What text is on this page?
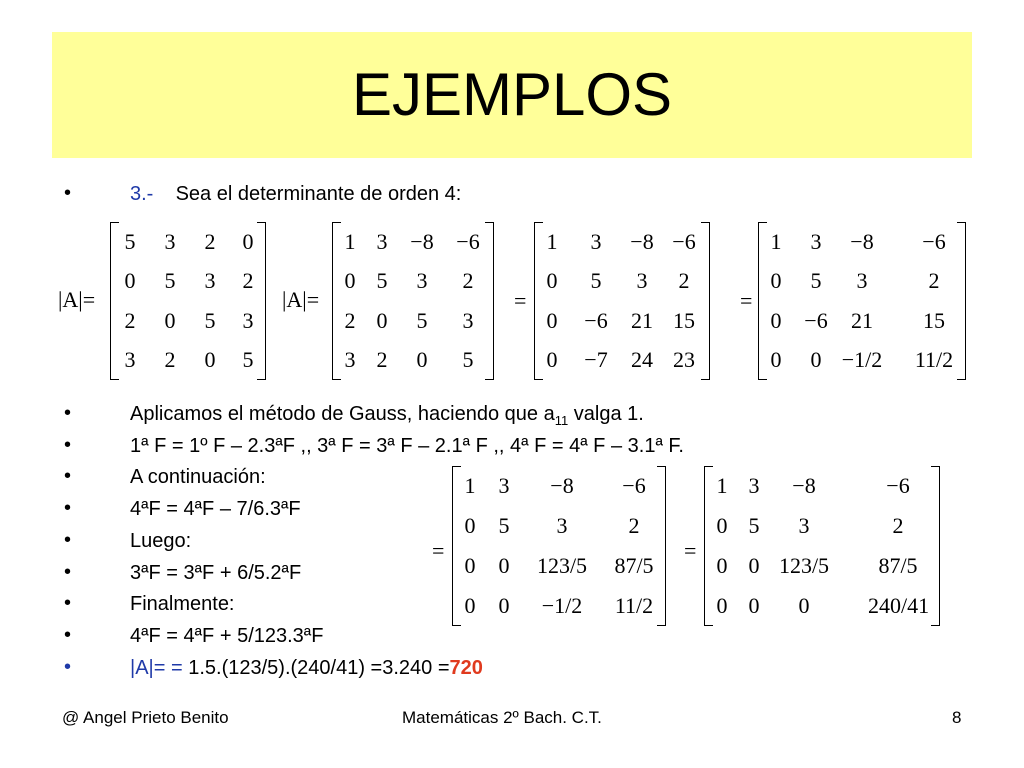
EJEMPLOS
•	3.- Sea el determinante de orden 4:
|A|=
5	3	2	0
0	5	3	2
2	0	5	3
3	2	0	5
|A|=
1 3	−8	−6
0 5	3	2
2 0	5	3
3 2	0	5
=
1	3	−8 −6
0	5	3	2
0	−6	21 15
0	−7	24 23
=
1	3	−8	−6
0	5	3	2
0	−6	21	15
0	0 −1/2	11/2
•	Aplicamos el método de Gauss, haciendo que $a_{11}$ valga 1.
•	1ª F = 1º F – 2.3ªF ,, 3ª F = 3ª F – 2.1ª F ,, 4ª F = 4ª F – 3.1ª F.
•	A continuación:
•	4ªF = 4ªF – 7/6.3ªF
•	Luego:
•	3ªF = 3ªF + 6/5.2ªF
•	Finalmente:
•	4ªF = 4ªF + 5/123.3ªF
•	|A|= = 1.5.(123/5).(240/41) =3.240 =720
=
1	3	−8	−6
0	5	3	2
0	0	123/5	87/5
0	0	−1/2	11/2
=
1 3	−8	−6
0 5	3	2
0 0 123/5	87/5
0 0	0	240/41
@ Angel Prieto Benito	Matemáticas 2º Bach. C.T.	8
